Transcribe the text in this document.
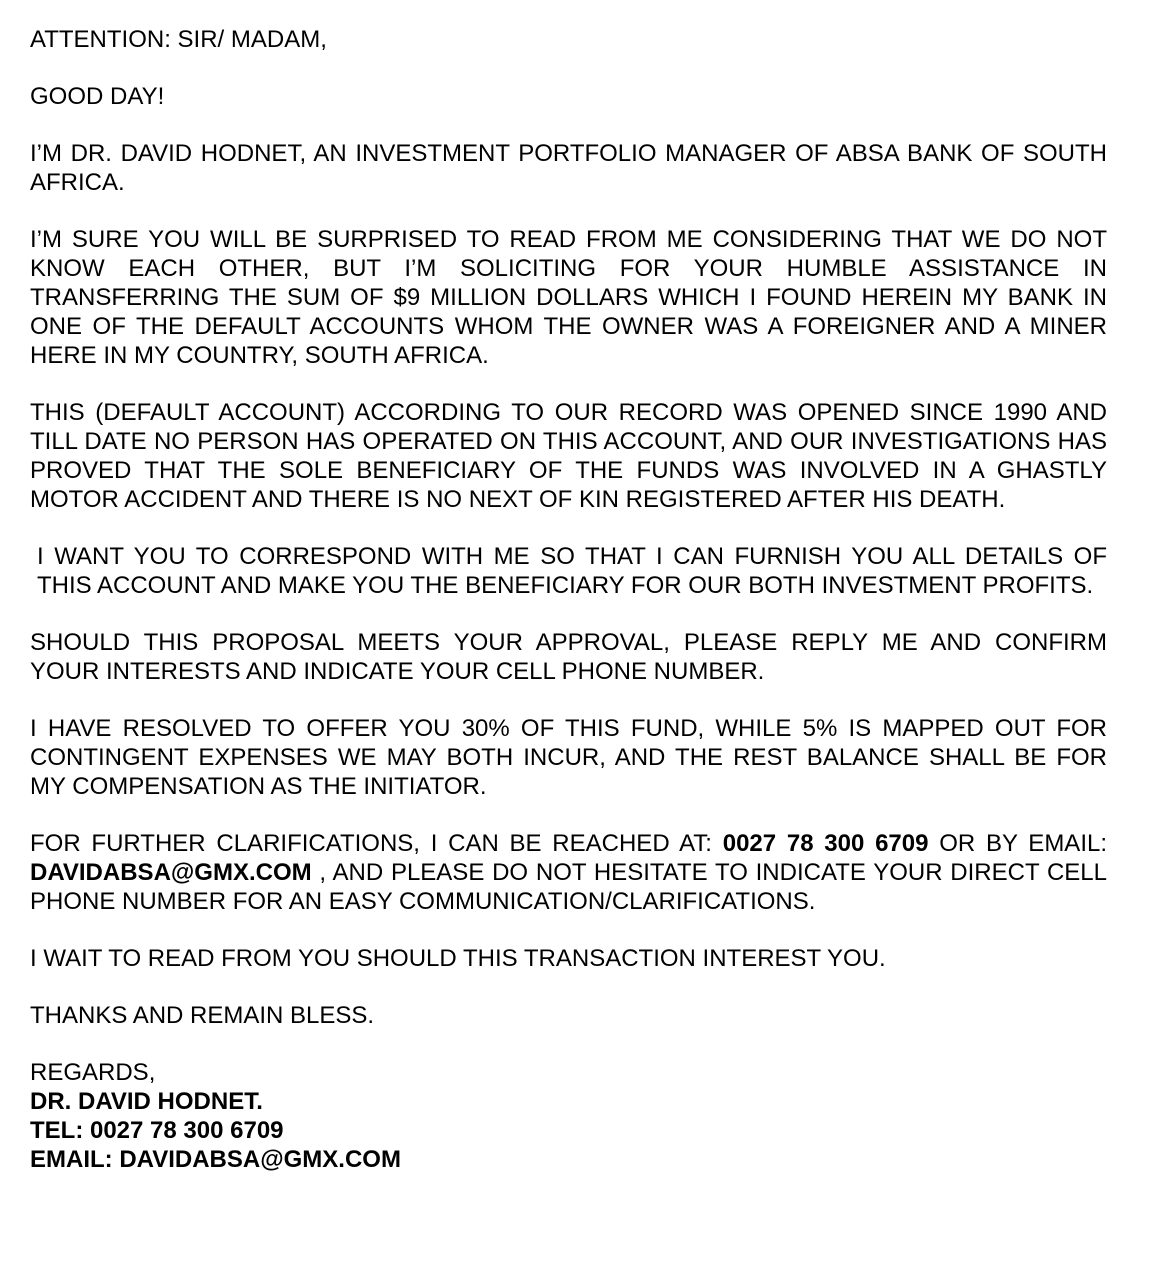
ATTENTION: SIR/ MADAM,

GOOD DAY!

I’M DR. DAVID HODNET, AN INVESTMENT PORTFOLIO MANAGER OF ABSA BANK OF SOUTH AFRICA.

I’M SURE YOU WILL BE SURPRISED TO READ FROM ME CONSIDERING THAT WE DO NOT KNOW EACH OTHER, BUT I’M SOLICITING FOR YOUR HUMBLE ASSISTANCE IN TRANSFERRING THE SUM OF $9 MILLION DOLLARS WHICH I FOUND HEREIN MY BANK IN ONE OF THE DEFAULT ACCOUNTS WHOM THE OWNER WAS A FOREIGNER AND A MINER HERE IN MY COUNTRY, SOUTH AFRICA.

THIS (DEFAULT ACCOUNT) ACCORDING TO OUR RECORD WAS OPENED SINCE 1990 AND TILL DATE NO PERSON HAS OPERATED ON THIS ACCOUNT, AND OUR INVESTIGATIONS HAS PROVED THAT THE SOLE BENEFICIARY OF THE FUNDS WAS INVOLVED IN A GHASTLY MOTOR ACCIDENT AND THERE IS NO NEXT OF KIN REGISTERED AFTER HIS DEATH.

I WANT YOU TO CORRESPOND WITH ME SO THAT I CAN FURNISH YOU ALL DETAILS OF THIS ACCOUNT AND MAKE YOU THE BENEFICIARY FOR OUR BOTH INVESTMENT PROFITS.

SHOULD THIS PROPOSAL MEETS YOUR APPROVAL, PLEASE REPLY ME AND CONFIRM YOUR INTERESTS AND INDICATE YOUR CELL PHONE NUMBER.

I HAVE RESOLVED TO OFFER YOU 30% OF THIS FUND, WHILE 5% IS MAPPED OUT FOR CONTINGENT EXPENSES WE MAY BOTH INCUR, AND THE REST BALANCE SHALL BE FOR MY COMPENSATION AS THE INITIATOR.

FOR FURTHER CLARIFICATIONS, I CAN BE REACHED AT: 0027 78 300 6709 OR BY EMAIL: DAVIDABSA@GMX.COM , AND PLEASE DO NOT HESITATE TO INDICATE YOUR DIRECT CELL PHONE NUMBER FOR AN EASY COMMUNICATION/CLARIFICATIONS.

I WAIT TO READ FROM YOU SHOULD THIS TRANSACTION INTEREST YOU.

THANKS AND REMAIN BLESS.

REGARDS,
DR. DAVID HODNET.
TEL: 0027 78 300 6709
EMAIL: DAVIDABSA@GMX.COM
